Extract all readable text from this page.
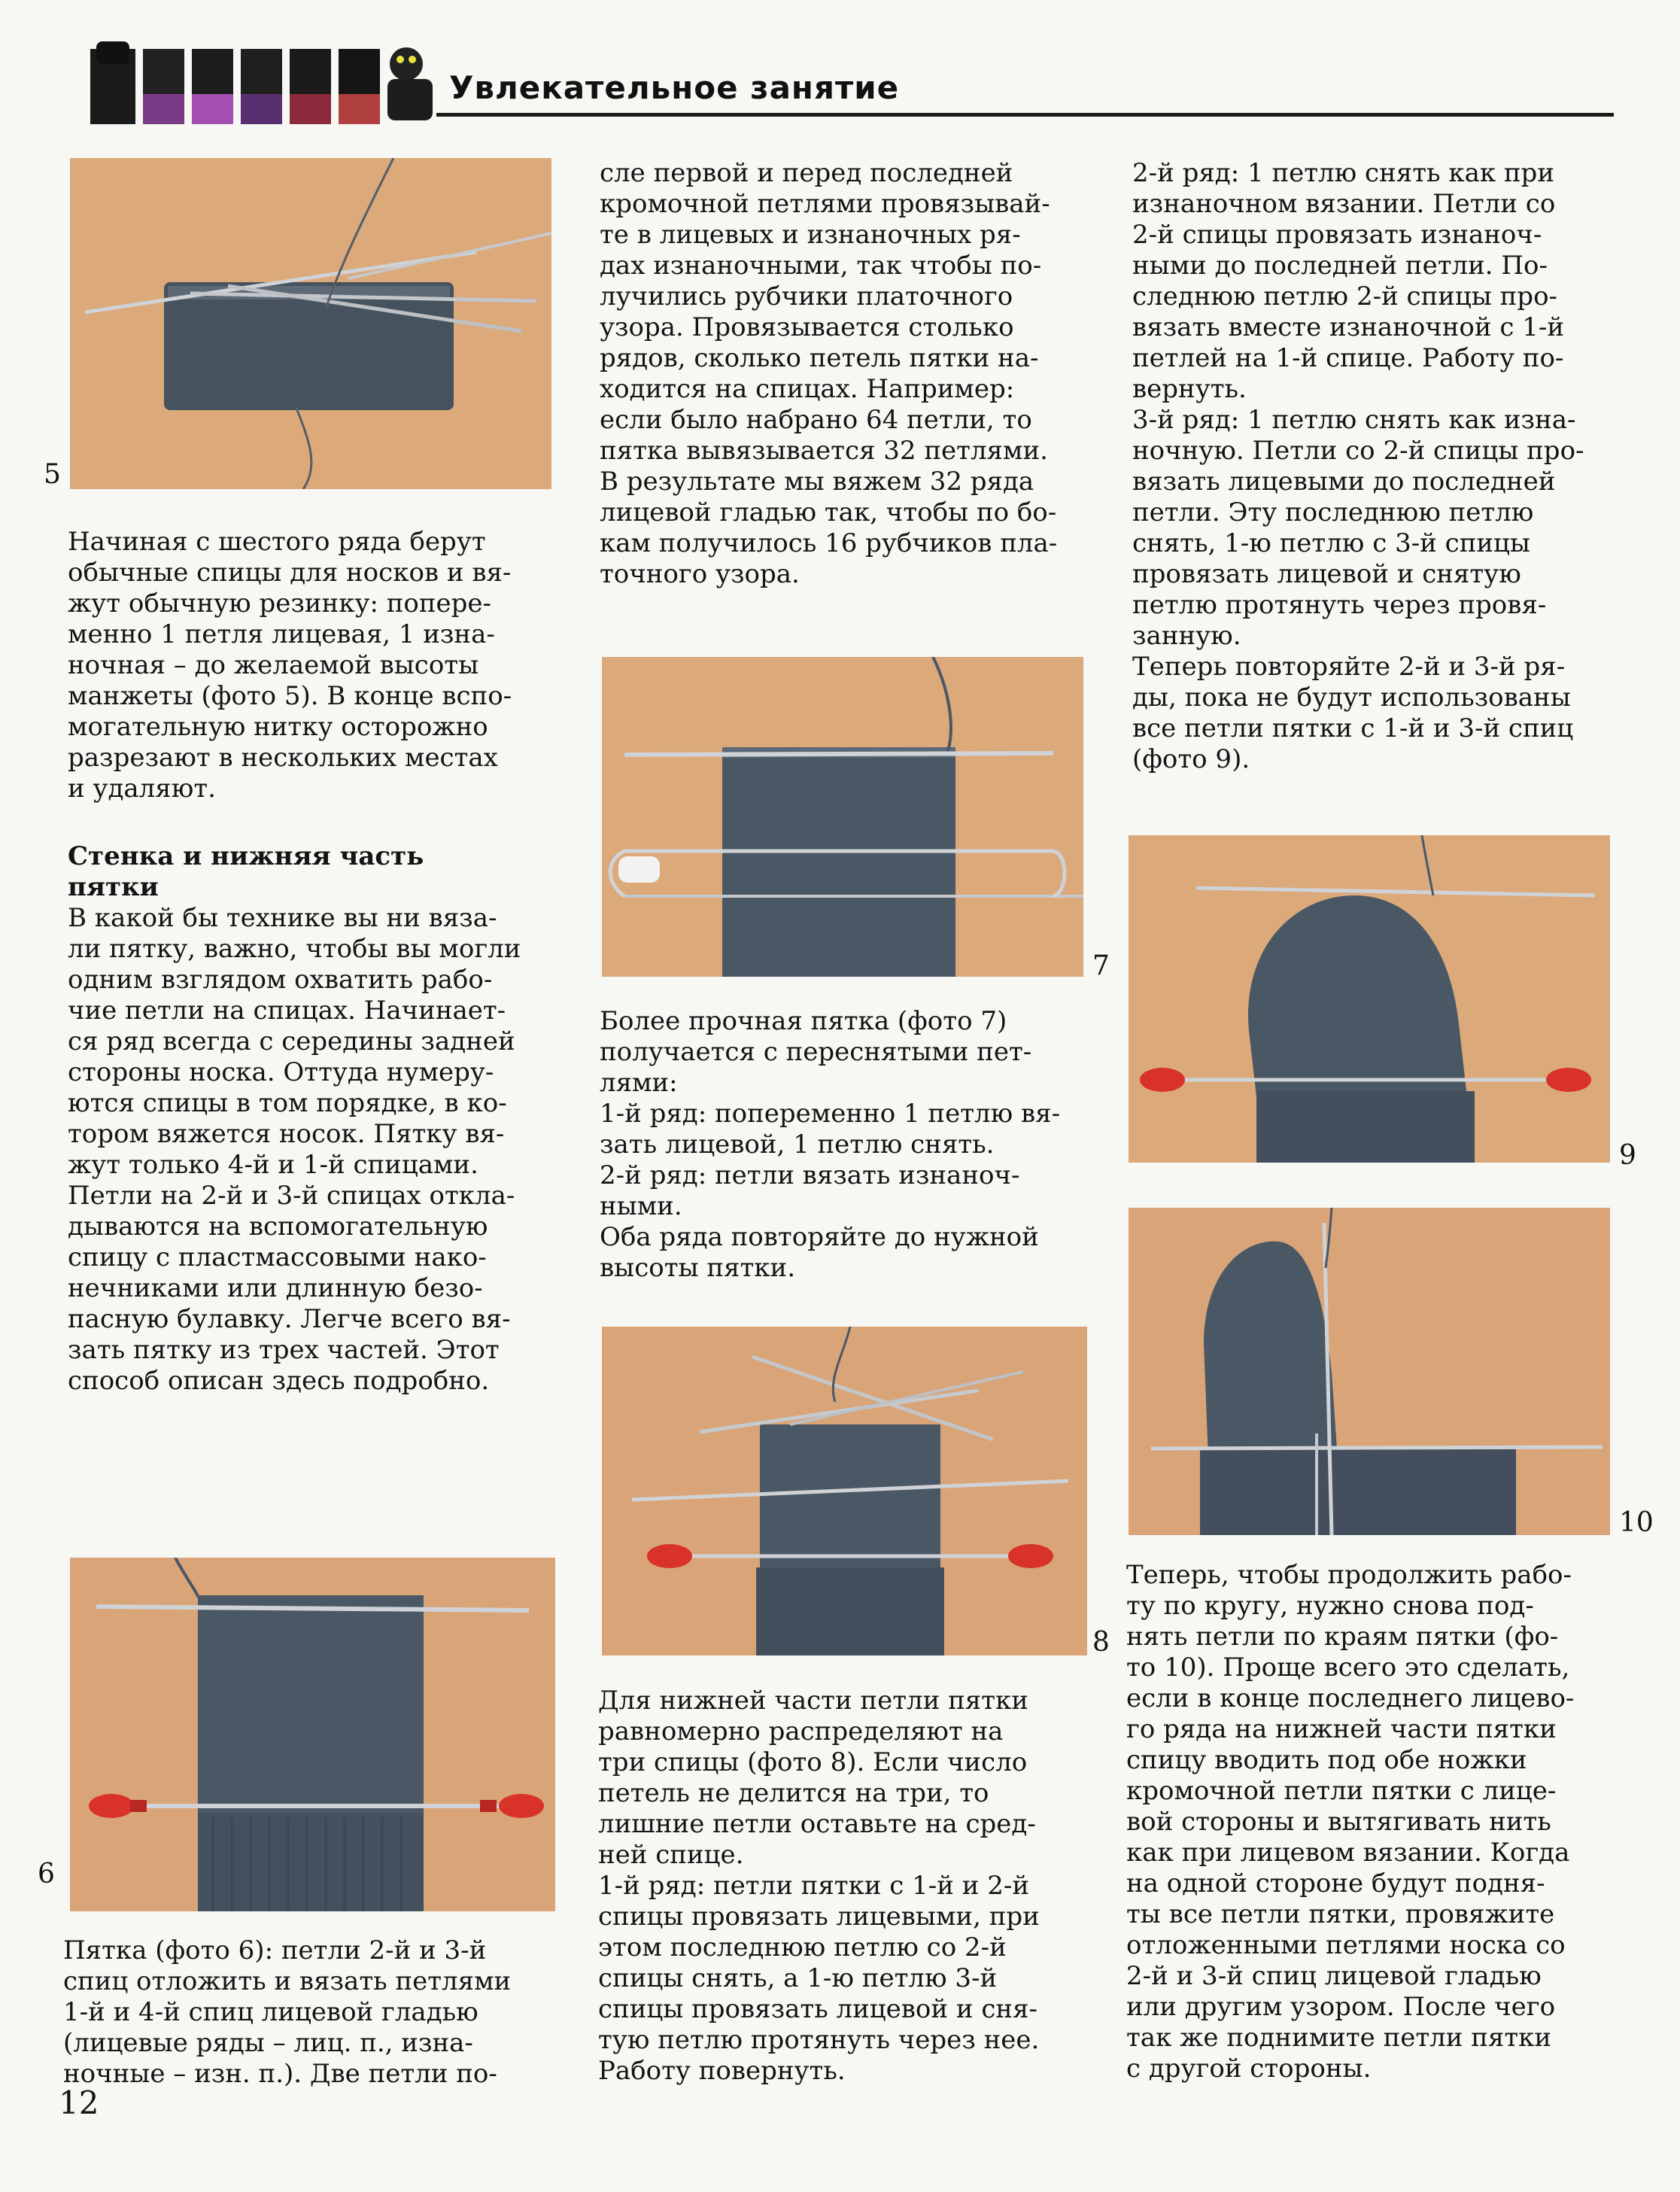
Увлекательное занятие
5

Начиная с шестого ряда берут

обычные спицы для носков и вя-

жут обычную резинку: попере-

менно 1 петля лицевая, 1 изна-

ночная – до желаемой высоты

манжеты (фото 5). В конце вспо-

могательную нитку осторожно

разрезают в нескольких местах

и удаляют.

Стенка и нижняя часть

пятки

В какой бы технике вы ни вяза-

ли пятку, важно, чтобы вы могли

одним взглядом охватить рабо-

чие петли на спицах. Начинает-

ся ряд всегда с середины задней

стороны носка. Оттуда нумеру-

ются спицы в том порядке, в ко-

тором вяжется носок. Пятку вя-

жут только 4-й и 1-й спицами.

Петли на 2-й и 3-й спицах откла-

дываются на вспомогательную

спицу с пластмассовыми нако-

нечниками или длинную безо-

пасную булавку. Легче всего вя-

зать пятку из трех частей. Этот

способ описан здесь подробно.

6

Пятка (фото 6): петли 2-й и 3-й

спиц отложить и вязать петлями

1-й и 4-й спиц лицевой гладью

(лицевые ряды – лиц. п., изна-

ночные – изн. п.). Две петли по-

сле первой и перед последней

кромочной петлями провязывай-

те в лицевых и изнаночных ря-

дах изнаночными, так чтобы по-

лучились рубчики платочного

узора. Провязывается столько

рядов, сколько петель пятки на-

ходится на спицах. Например:

если было набрано 64 петли, то

пятка вывязывается 32 петлями.

В результате мы вяжем 32 ряда

лицевой гладью так, чтобы по бо-

кам получилось 16 рубчиков пла-

точного узора.

7

Более прочная пятка (фото 7)

получается с переснятыми пет-

лями:

1-й ряд: попеременно 1 петлю вя-

зать лицевой, 1 петлю снять.

2-й ряд: петли вязать изнаноч-

ными.

Оба ряда повторяйте до нужной

высоты пятки.

8

Для нижней части петли пятки

равномерно распределяют на

три спицы (фото 8). Если число

петель не делится на три, то

лишние петли оставьте на сред-

ней спице.

1-й ряд: петли пятки с 1-й и 2-й

спицы провязать лицевыми, при

этом последнюю петлю со 2-й

спицы снять, а 1-ю петлю 3-й

спицы провязать лицевой и сня-

тую петлю протянуть через нее.

Работу повернуть.

2-й ряд: 1 петлю снять как при

изнаночном вязании. Петли со

2-й спицы провязать изнаноч-

ными до последней петли. По-

следнюю петлю 2-й спицы про-

вязать вместе изнаночной с 1-й

петлей на 1-й спице. Работу по-

вернуть.

3-й ряд: 1 петлю снять как изна-

ночную. Петли со 2-й спицы про-

вязать лицевыми до последней

петли. Эту последнюю петлю

снять, 1-ю петлю с 3-й спицы

провязать лицевой и снятую

петлю протянуть через провя-

занную.

Теперь повторяйте 2-й и 3-й ря-

ды, пока не будут использованы

все петли пятки с 1-й и 3-й спиц

(фото 9).

9
10

Теперь, чтобы продолжить рабо-

ту по кругу, нужно снова под-

нять петли по краям пятки (фо-

то 10). Проще всего это сделать,

если в конце последнего лицево-

го ряда на нижней части пятки

спицу вводить под обе ножки

кромочной петли пятки с лице-

вой стороны и вытягивать нить

как при лицевом вязании. Когда

на одной стороне будут подня-

ты все петли пятки, провяжите

отложенными петлями носка со

2-й и 3-й спиц лицевой гладью

или другим узором. После чего

так же поднимите петли пятки

с другой стороны.

12
